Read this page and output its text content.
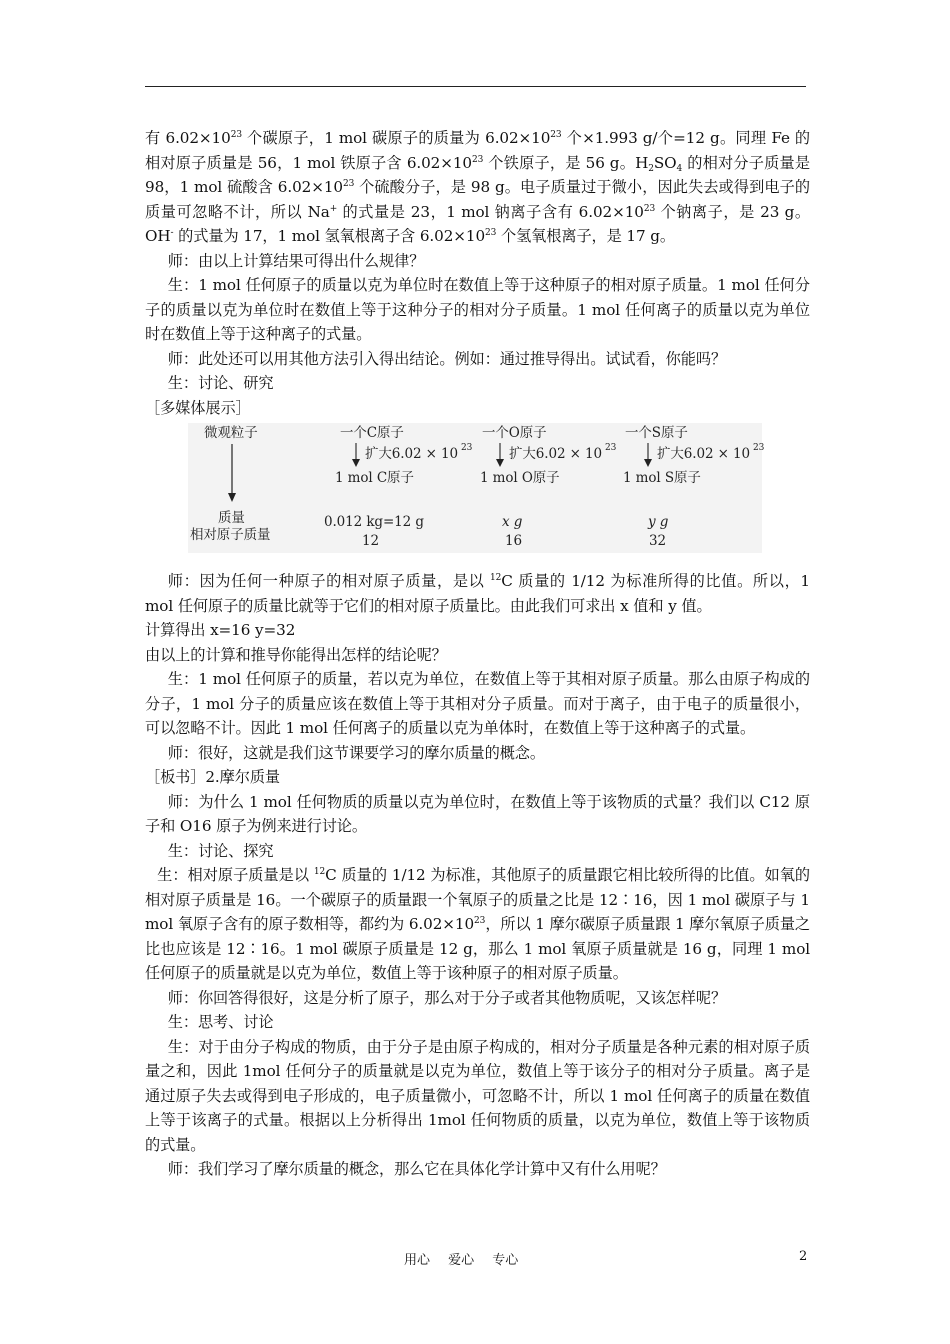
有 $6.02\times 10^{23}$ 个碳原子，1 mol 碳原子的质量为 $6.02\times 10^{23}$ 个×1.993 g/个=12 g。同理 Fe 的相对原子质量是 56，1 mol 铁原子含 $6.02\times 10^{23}$ 个铁原子，是 56 g。$H_2SO_4$ 的相对分子质量是 98，1 mol 硫酸含 $6.02\times 10^{23}$ 个硫酸分子，是 98 g。电子质量过于微小，因此失去或得到电子的质量可忽略不计，所以 Na+ 的式量是 23，1 mol 钠离子含有 $6.02\times 10^{23}$ 个钠离子，是 23 g。OH- 的式量为 17，1 mol 氢氧根离子含 $6.02\times 10^{23}$ 个氢氧根离子，是 17 g。

师：由以上计算结果可得出什么规律？

生：1 mol 任何原子的质量以克为单位时在数值上等于这种原子的相对原子质量。1 mol 任何分子的质量以克为单位时在数值上等于这种分子的相对分子质量。1 mol 任何离子的质量以克为单位时在数值上等于这种离子的式量。

师：此处还可以用其他方法引入得出结论。例如：通过推导得出。试试看，你能吗？

生：讨论、研究

［多媒体展示］

微观粒子
质量
相对原子质量
一个C原子
扩大6.02 × 10 23
1 mol C原子
0.012 kg=12 g
12
一个O原子
扩大6.02 × 10 23
1 mol O原子
x g
16
一个S原子
扩大6.02 × 10 23
1 mol S原子
y g
32

师：因为任何一种原子的相对原子质量，是以 $^{12}$C 质量的 1/12 为标准所得的比值。所以，1 mol 任何原子的质量比就等于它们的相对原子质量比。由此我们可求出 x 值和 y 值。

计算得出 x=16 y=32

由以上的计算和推导你能得出怎样的结论呢？

生：1 mol 任何原子的质量，若以克为单位，在数值上等于其相对原子质量。那么由原子构成的分子，1 mol 分子的质量应该在数值上等于其相对分子质量。而对于离子，由于电子的质量很小，可以忽略不计。因此 1 mol 任何离子的质量以克为单体时，在数值上等于这种离子的式量。

师：很好，这就是我们这节课要学习的摩尔质量的概念。

［板书］2.摩尔质量

师：为什么 1 mol 任何物质的质量以克为单位时，在数值上等于该物质的式量？我们以 C12 原子和 O16 原子为例来进行讨论。

生：讨论、探究

生：相对原子质量是以 $^{12}$C 质量的 1/12 为标准，其他原子的质量跟它相比较所得的比值。如氧的相对原子质量是 16。一个碳原子的质量跟一个氧原子的质量之比是 12∶16，因 1 mol 碳原子与 1 mol 氧原子含有的原子数相等，都约为 $6.02\times 10^{23}$，所以 1 摩尔碳原子质量跟 1 摩尔氧原子质量之比也应该是 12∶16。1 mol 碳原子质量是 12 g，那么 1 mol 氧原子质量就是 16 g，同理 1 mol 任何原子的质量就是以克为单位，数值上等于该种原子的相对原子质量。

师：你回答得很好，这是分析了原子，那么对于分子或者其他物质呢，又该怎样呢？

生：思考、讨论

生：对于由分子构成的物质，由于分子是由原子构成的，相对分子质量是各种元素的相对原子质量之和，因此 1mol 任何分子的质量就是以克为单位，数值上等于该分子的相对分子质量。离子是通过原子失去或得到电子形成的，电子质量微小，可忽略不计，所以 1 mol 任何离子的质量在数值上等于该离子的式量。根据以上分析得出 1mol 任何物质的质量，以克为单位，数值上等于该物质的式量。

师：我们学习了摩尔质量的概念，那么它在具体化学计算中又有什么用呢？

用心 爱心 专心	2
